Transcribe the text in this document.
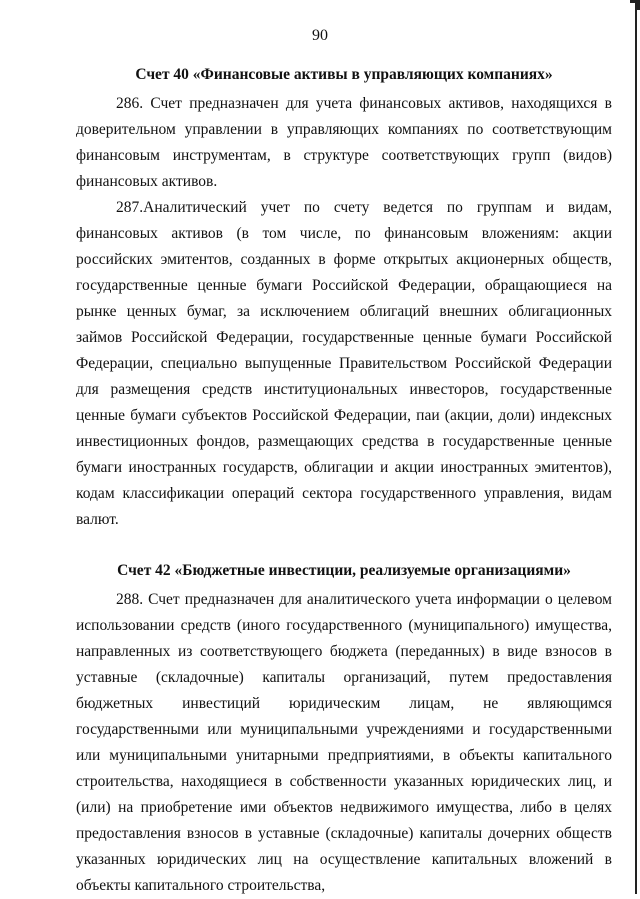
90
Счет 40 «Финансовые активы в управляющих компаниях»

286. Счет предназначен для учета финансовых активов, находящихся в доверительном управлении в управляющих компаниях по соответствующим финансовым инструментам, в структуре соответствующих групп (видов) финансовых активов.

287.Аналитический учет по счету ведется по группам и видам, финансовых активов (в том числе, по финансовым вложениям: акции российских эмитентов, созданных в форме открытых акционерных обществ, государственные ценные бумаги Российской Федерации, обращающиеся на рынке ценных бумаг, за исключением облигаций внешних облигационных займов Российской Федерации, государственные ценные бумаги Российской Федерации, специально выпущенные Правительством Российской Федерации для размещения средств институциональных инвесторов, государственные ценные бумаги субъектов Российской Федерации, паи (акции, доли) индексных инвестиционных фондов, размещающих средства в государственные ценные бумаги иностранных государств, облигации и акции иностранных эмитентов), кодам классификации операций сектора государственного управления, видам валют.

Счет 42 «Бюджетные инвестиции, реализуемые организациями»

288. Счет предназначен для аналитического учета информации о целевом использовании средств (иного государственного (муниципального) имущества, направленных из соответствующего бюджета (переданных) в виде взносов в уставные (складочные) капиталы организаций, путем предоставления бюджетных инвестиций юридическим лицам, не являющимся государственными или муниципальными учреждениями и государственными или муниципальными унитарными предприятиями, в объекты капитального строительства, находящиеся в собственности указанных юридических лиц, и (или) на приобретение ими объектов недвижимого имущества, либо в целях предоставления взносов в уставные (складочные) капиталы дочерних обществ указанных юридических лиц на осуществление капитальных вложений в объекты капитального строительства,
